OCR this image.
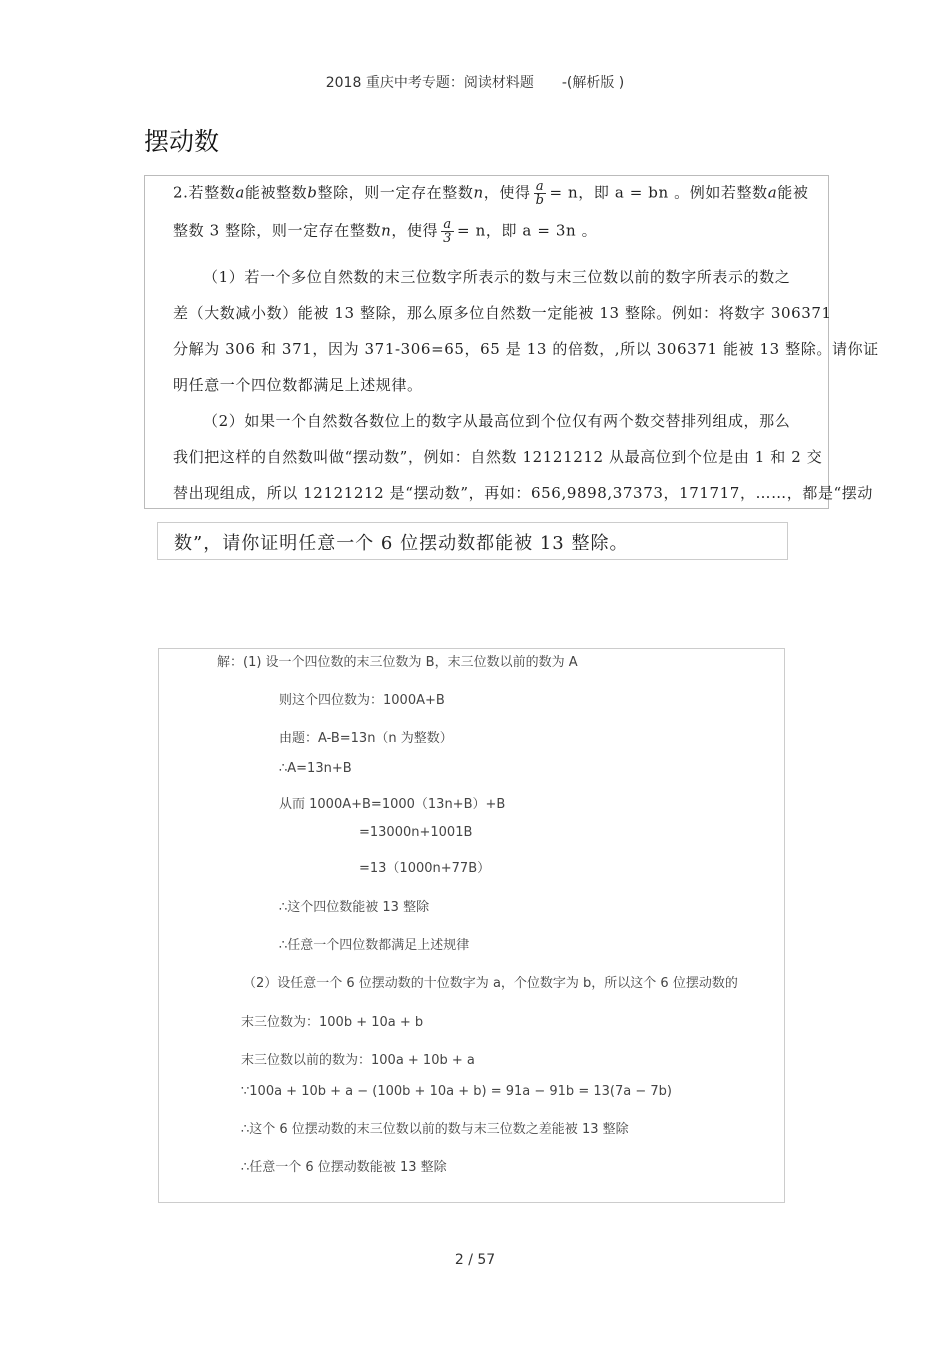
2018 重庆中考专题：阅读材料题 -(解析版 )
摆动数
2.若整数a能被整数b整除，则一定存在整数n，使得 $\frac{a}{b} = n$，即 a = bn 。例如若整数a能被
整数 3 整除，则一定存在整数n，使得 $\frac{a}{3} = n$，即 a = 3n 。
（1）若一个多位自然数的末三位数字所表示的数与末三位数以前的数字所表示的数之
差（大数减小数）能被 13 整除，那么原多位自然数一定能被 13 整除。例如：将数字 306371
分解为 306 和 371，因为 371-306=65，65 是 13 的倍数，,所以 306371 能被 13 整除。请你证
明任意一个四位数都满足上述规律。
（2）如果一个自然数各数位上的数字从最高位到个位仅有两个数交替排列组成，那么
我们把这样的自然数叫做“摆动数”，例如：自然数 12121212 从最高位到个位是由 1 和 2 交
替出现组成，所以 12121212 是“摆动数”，再如：656,9898,37373，171717，……，都是“摆动
数”，请你证明任意一个 6 位摆动数都能被 13 整除。
解：(1) 设一个四位数的末三位数为 B，末三位数以前的数为 A
则这个四位数为：1000A+B
由题：A-B=13n（n 为整数）
∴A=13n+B
从而 1000A+B=1000（13n+B）+B
=13000n+1001B
=13（1000n+77B）
∴这个四位数能被 13 整除
∴任意一个四位数都满足上述规律
（2）设任意一个 6 位摆动数的十位数字为 a，个位数字为 b，所以这个 6 位摆动数的
末三位数为：100b + 10a + b
末三位数以前的数为：100a + 10b + a
∵100a + 10b + a − (100b + 10a + b) = 91a − 91b = 13(7a − 7b)
∴这个 6 位摆动数的末三位数以前的数与末三位数之差能被 13 整除
∴任意一个 6 位摆动数能被 13 整除
2 / 57
